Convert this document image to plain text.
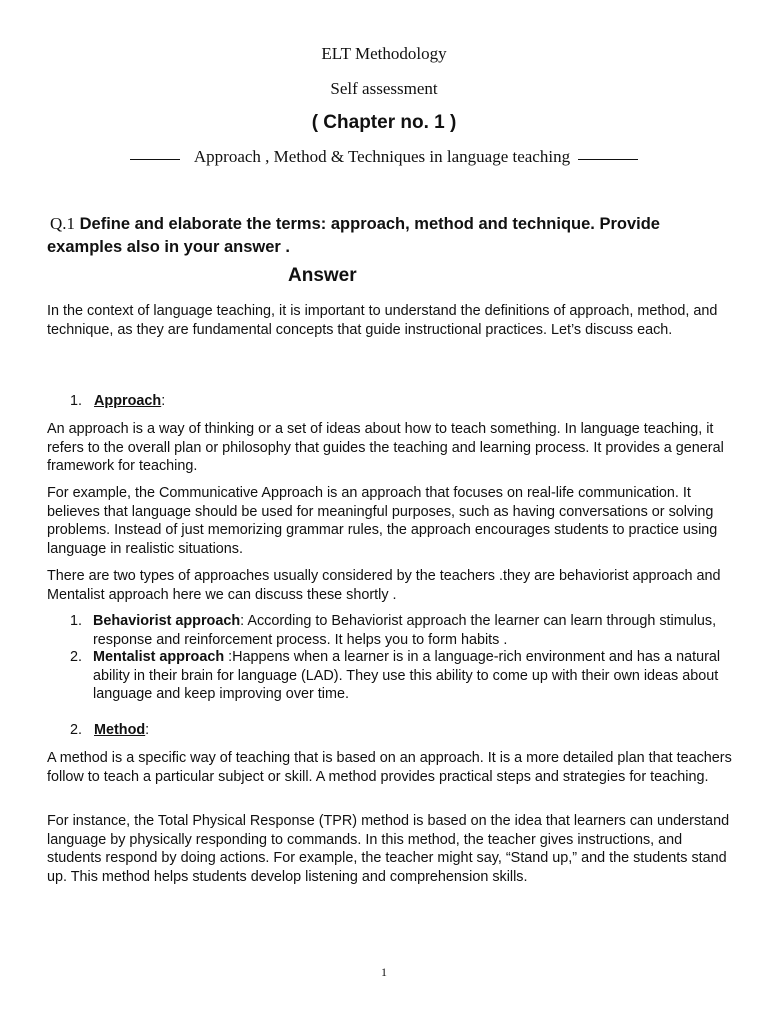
ELT Methodology
Self assessment
( Chapter no. 1 )
Approach , Method & Techniques in language teaching
Q.1 Define and elaborate the terms: approach, method and technique. Provide examples also in your answer .
Answer
In the context of language teaching, it is important to understand the definitions of approach, method, and technique, as they are fundamental concepts that guide instructional practices. Let’s discuss each.
1. Approach:
An approach is a way of thinking or a set of ideas about how to teach something. In language teaching, it refers to the overall plan or philosophy that guides the teaching and learning process. It provides a general framework for teaching.
For example, the Communicative Approach is an approach that focuses on real-life communication. It believes that language should be used for meaningful purposes, such as having conversations or solving problems. Instead of just memorizing grammar rules, the approach encourages students to practice using language in realistic situations.
There are two types of approaches usually considered by the teachers .they are behaviorist approach and Mentalist approach here we can discuss these shortly .
1. Behaviorist approach: According to Behaviorist approach the learner can learn through stimulus, response and reinforcement process. It helps you to form habits .
2. Mentalist approach :Happens when a learner is in a language-rich environment and has a natural ability in their brain for language (LAD). They use this ability to come up with their own ideas about language and keep improving over time.
2. Method:
A method is a specific way of teaching that is based on an approach. It is a more detailed plan that teachers follow to teach a particular subject or skill. A method provides practical steps and strategies for teaching.
For instance, the Total Physical Response (TPR) method is based on the idea that learners can understand language by physically responding to commands. In this method, the teacher gives instructions, and students respond by doing actions. For example, the teacher might say, “Stand up,” and the students stand up. This method helps students develop listening and comprehension skills.
1
